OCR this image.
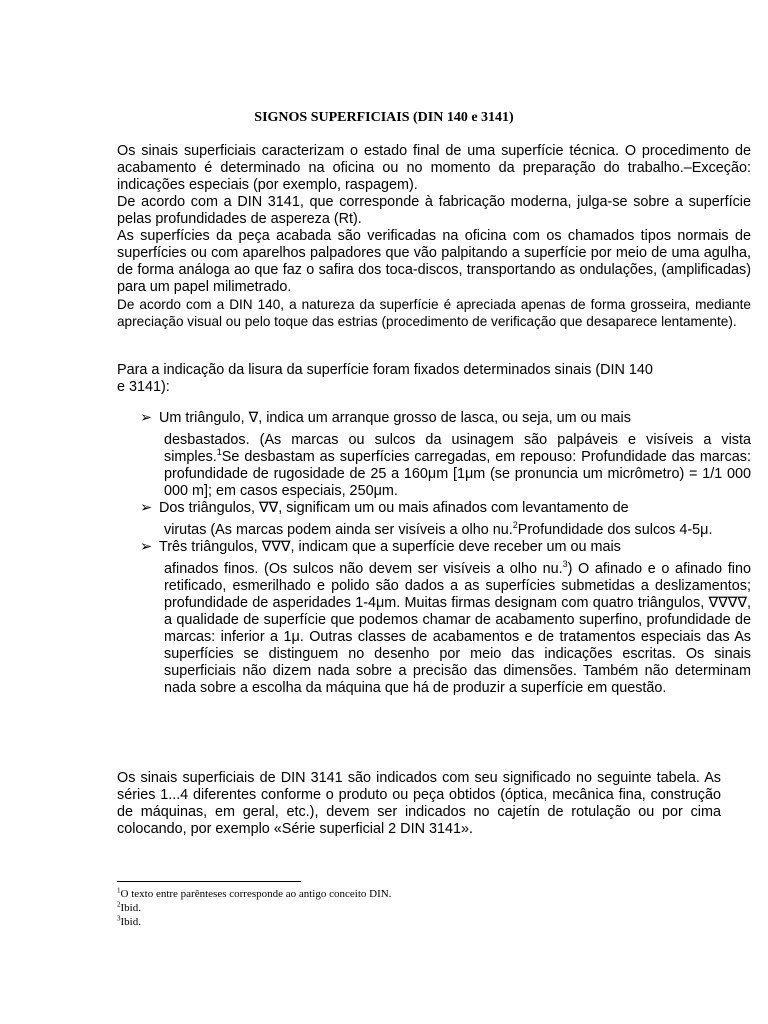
SIGNOS SUPERFICIAIS (DIN 140 e 3141)

Os sinais superficiais caracterizam o estado final de uma superfície técnica. O procedimento de acabamento é determinado na oficina ou no momento da preparação do trabalho.–Exceção: indicações especiais (por exemplo, raspagem).

De acordo com a DIN 3141, que corresponde à fabricação moderna, julga-se sobre a superfície pelas profundidades de aspereza (Rt).

As superfícies da peça acabada são verificadas na oficina com os chamados tipos normais de superfícies ou com aparelhos palpadores que vão palpitando a superfície por meio de uma agulha, de forma análoga ao que faz o safira dos toca-discos, transportando as ondulações, (amplificadas) para um papel milimetrado.

De acordo com a DIN 140, a natureza da superfície é apreciada apenas de forma grosseira, mediante apreciação visual ou pelo toque das estrias (procedimento de verificação que desaparece lentamente).

Para a indicação da lisura da superfície foram fixados determinados sinais (DIN 140 e 3141):

➢ Um triângulo, ∇, indica um arranque grosso de lasca, ou seja, um ou mais
desbastados. (As marcas ou sulcos da usinagem são palpáveis e visíveis a vista simples.$^1$Se desbastam as superfícies carregadas, em repouso: Profundidade das marcas: profundidade de rugosidade de 25 a 160μm [1μm (se pronuncia um micrômetro) = 1/1 000 000 m]; em casos especiais, 250μm.
➢ Dos triângulos, ∇∇, significam um ou mais afinados com levantamento de
virutas (As marcas podem ainda ser visíveis a olho nu.$^2$Profundidade dos sulcos 4-5μ.
➢ Três triângulos, ∇∇∇, indicam que a superfície deve receber um ou mais
afinados finos. (Os sulcos não devem ser visíveis a olho nu.$^3$) O afinado e o afinado fino retificado, esmerilhado e polido são dados a as superfícies submetidas a deslizamentos; profundidade de asperidades 1-4μm. Muitas firmas designam com quatro triângulos, ∇∇∇∇, a qualidade de superfície que podemos chamar de acabamento superfino, profundidade de marcas: inferior a 1μ. Outras classes de acabamentos e de tratamentos especiais das As superfícies se distinguem no desenho por meio das indicações escritas. Os sinais superficiais não dizem nada sobre a precisão das dimensões. Também não determinam nada sobre a escolha da máquina que há de produzir a superfície em questão.

Os sinais superficiais de DIN 3141 são indicados com seu significado no seguinte tabela. As séries 1...4 diferentes conforme o produto ou peça obtidos (óptica, mecânica fina, construção de máquinas, em geral, etc.), devem ser indicados no cajetín de rotulação ou por cima colocando, por exemplo «Série superficial 2 DIN 3141».

$^1$O texto entre parênteses corresponde ao antigo conceito DIN.
$^2$Ibid.
$^3$Ibid.
